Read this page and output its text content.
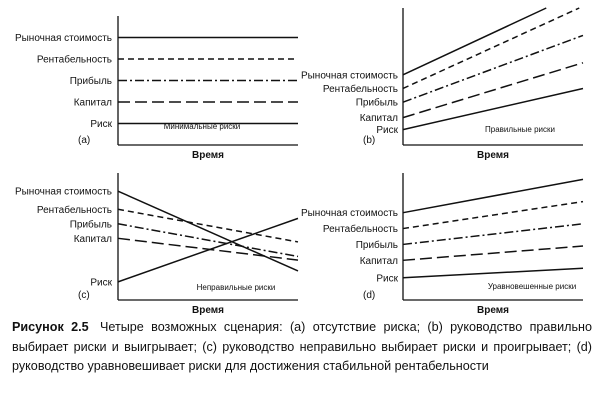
Рыночная стоимость
Рентабельность
Прибыль
Капитал
Риск
(a)
Минимальные риски
Время
Рыночная стоимость
Рентабельность
Прибыль
Капитал
Риск
(b)
Правильные риски
Время
Рыночная стоимость
Рентабельность
Прибыль
Капитал
Риск
(c)
Неправильные риски
Время
Рыночная стоимость
Рентабельность
Прибыль
Капитал
Риск
(d)
Уравновешенные риски
Время
Рисунок 2.5 Четыре возможных сценария: (a) отсутствие риска; (b) руководство правильно выбирает риски и выигрывает; (c) руководство неправильно выбирает риски и проигрывает; (d) руководство уравновешивает риски для достижения стабильной рентабельности
